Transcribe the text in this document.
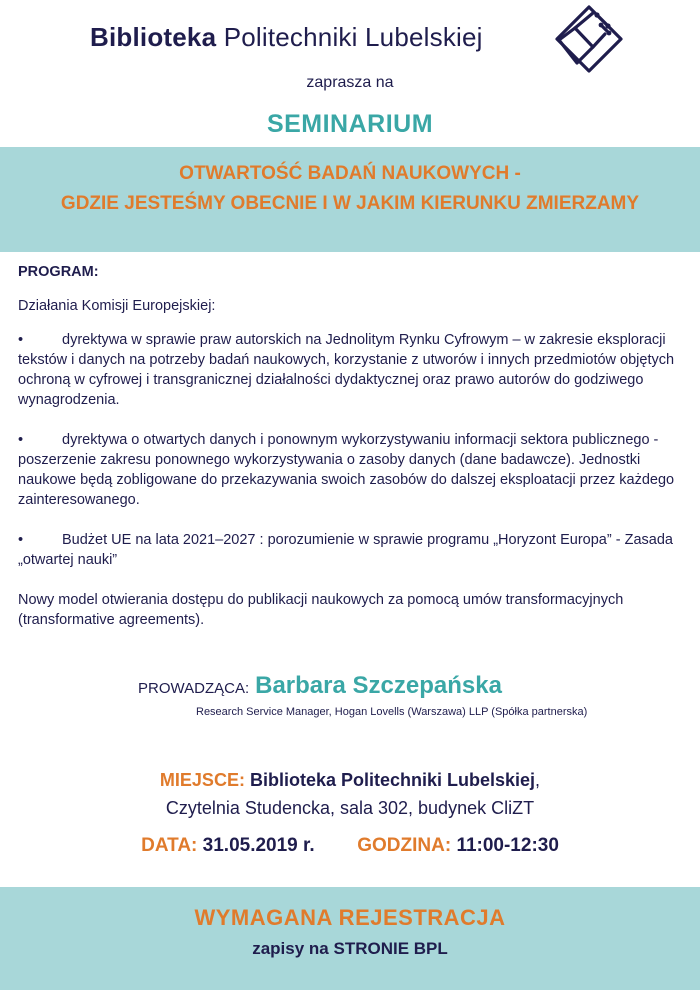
Biblioteka Politechniki Lubelskiej
zaprasza na
SEMINARIUM
OTWARTOŚĆ BADAŃ NAUKOWYCH -
GDZIE JESTEŚMY OBECNIE I W JAKIM KIERUNKU ZMIERZAMY

PROGRAM:

Działania Komisji Europejskiej:

•	dyrektywa w sprawie praw autorskich na Jednolitym Rynku Cyfrowym – w zakresie eksploracji tekstów i danych na potrzeby badań naukowych, korzystanie z utworów i innych przedmiotów objętych ochroną w cyfrowej i transgranicznej działalności dydaktycznej oraz prawo autorów do godziwego wynagrodzenia.

•	dyrektywa o otwartych danych i ponownym wykorzystywaniu informacji sektora publicznego - poszerzenie zakresu ponownego wykorzystywania o zasoby danych (dane badawcze). Jednostki naukowe będą zobligowane do przekazywania swoich zasobów do dalszej eksploatacji przez każdego zainteresowanego.

•	Budżet UE na lata 2021–2027 : porozumienie w sprawie programu „Horyzont Europa” - Zasada „otwartej nauki”

Nowy model otwierania dostępu do publikacji naukowych za pomocą umów transformacyjnych (transformative agreements).

PROWADZĄCA: Barbara Szczepańska
Research Service Manager, Hogan Lovells (Warszawa) LLP (Spółka partnerska)
MIEJSCE: Biblioteka Politechniki Lubelskiej,
Czytelnia Studencka, sala 302, budynek CliZT
DATA: 31.05.2019 r. GODZINA: 11:00-12:30
WYMAGANA REJESTRACJA
zapisy na STRONIE BPL
